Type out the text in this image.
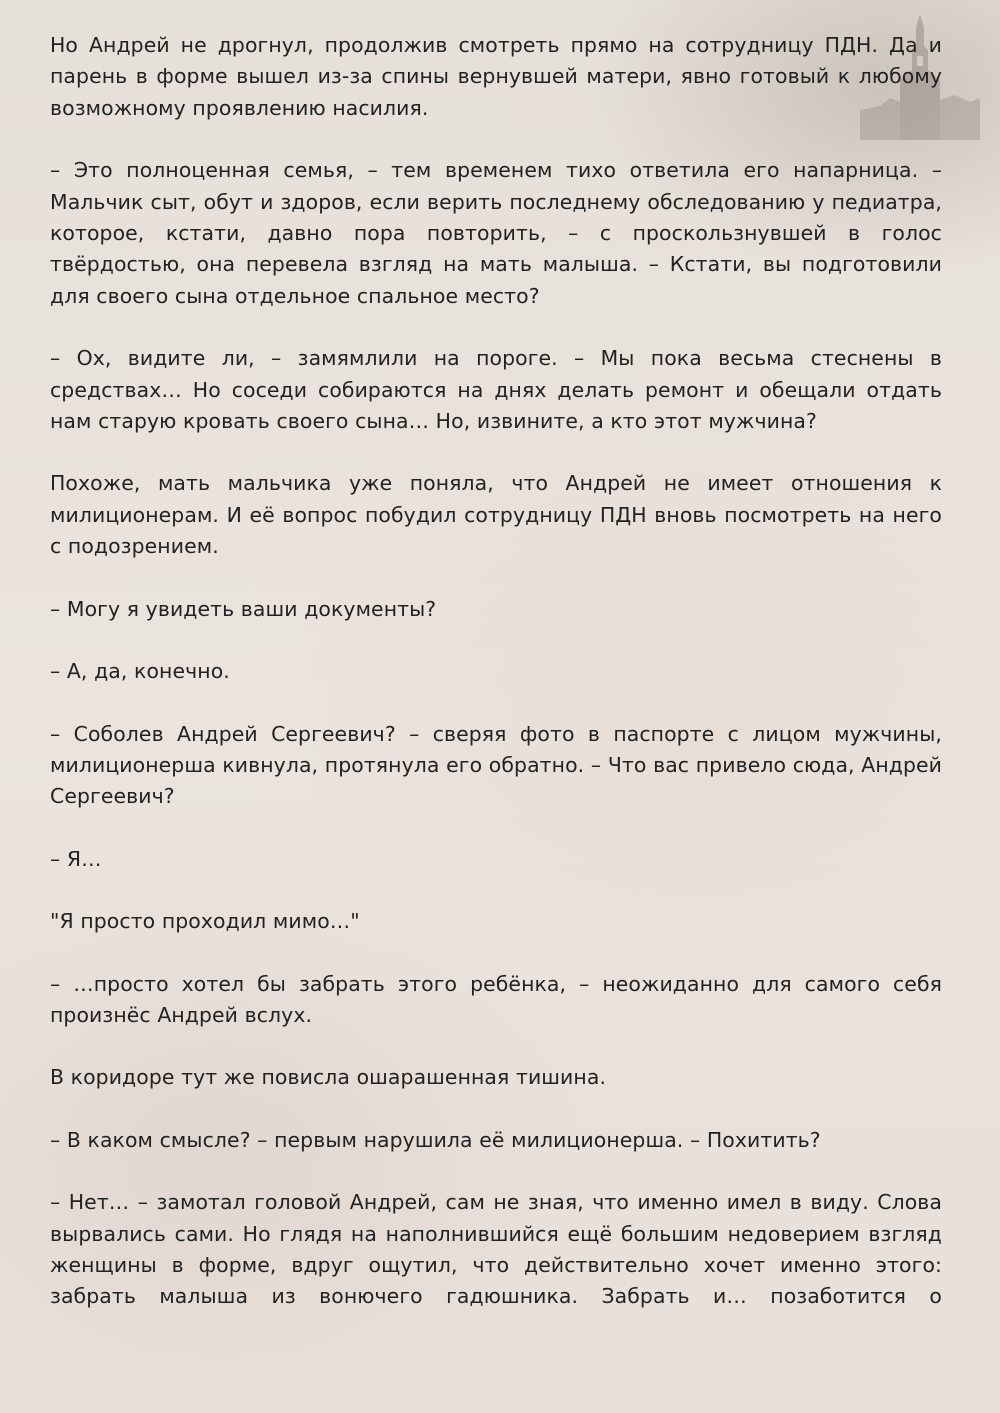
Но Андрей не дрогнул, продолжив смотреть прямо на сотрудницу ПДН. Да и парень в форме вышел из-за спины вернувшей матери, явно готовый к любому возможному проявлению насилия.

– Это полноценная семья, – тем временем тихо ответила его напарница. – Мальчик сыт, обут и здоров, если верить последнему обследованию у педиатра, которое, кстати, давно пора повторить, – с проскользнувшей в голос твёрдостью, она перевела взгляд на мать малыша. – Кстати, вы подготовили для своего сына отдельное спальное место?

– Ох, видите ли, – замямлили на пороге. – Мы пока весьма стеснены в средствах… Но соседи собираются на днях делать ремонт и обещали отдать нам старую кровать своего сына… Но, извините, а кто этот мужчина?

Похоже, мать мальчика уже поняла, что Андрей не имеет отношения к милиционерам. И её вопрос побудил сотрудницу ПДН вновь посмотреть на него с подозрением.

– Могу я увидеть ваши документы?

– А, да, конечно.

– Соболев Андрей Сергеевич? – сверяя фото в паспорте с лицом мужчины, милиционерша кивнула, протянула его обратно. – Что вас привело сюда, Андрей Сергеевич?

– Я…

"Я просто проходил мимо…"

– …просто хотел бы забрать этого ребёнка, – неожиданно для самого себя произнёс Андрей вслух.

В коридоре тут же повисла ошарашенная тишина.

– В каком смысле? – первым нарушила её милиционерша. – Похитить?

– Нет… – замотал головой Андрей, сам не зная, что именно имел в виду. Слова вырвались сами. Но глядя на наполнившийся ещё большим недоверием взгляд женщины в форме, вдруг ощутил, что действительно хочет именно этого: забрать малыша из вонючего гадюшника. Забрать и… позаботится о
